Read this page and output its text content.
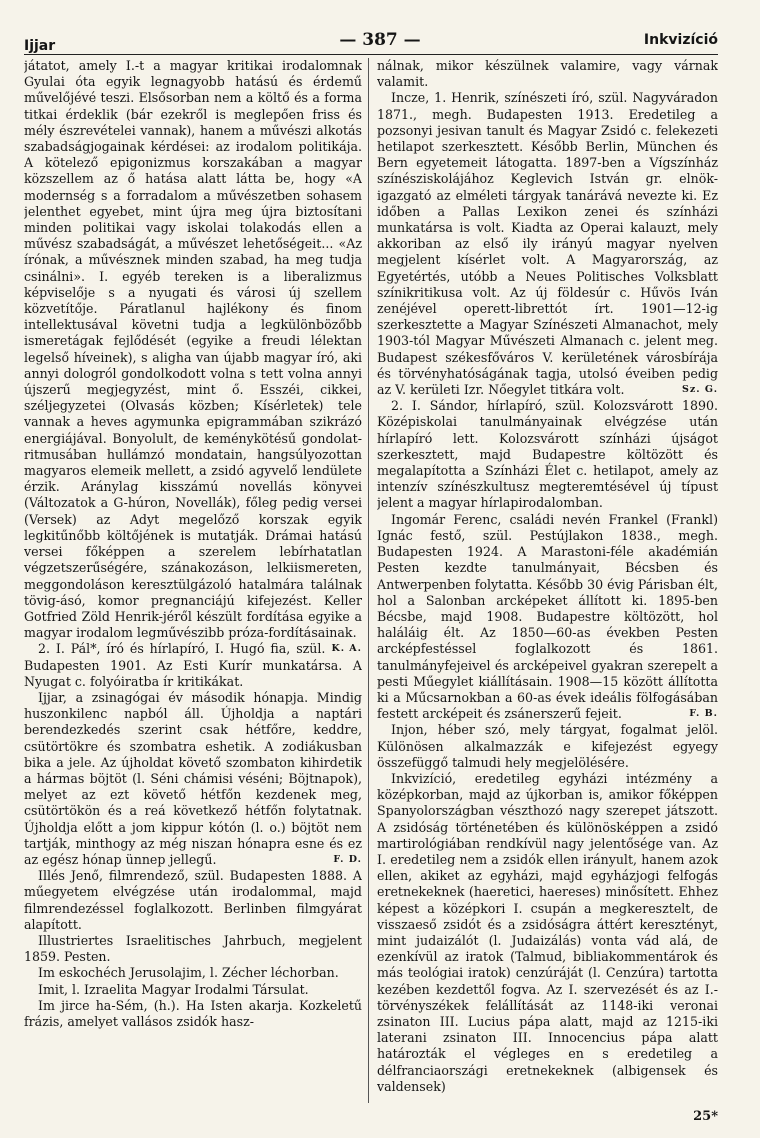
Ijjar	— 387 —	Inkvizíció

játatot, amely I.-t a magyar kritikai irodalomnak Gyulai óta egyik legnagyobb hatású és érdemű művelőjévé teszi. Elsősorban nem a költő és a forma titkai érdeklik (bár ezekről is meglepően friss és mély észrevételei vannak), hanem a művészi alkotás szabadságjogainak kérdései: az irodalom politikája. A kötelező epigonizmus korszakában a magyar közszellem az ő hatása alatt látta be, hogy «A modernség s a forradalom a művészetben sohasem jelenthet egyebet, mint újra meg újra biztosítani minden politikai vagy iskolai tolakodás ellen a művész szabadságát, a művészet lehetőségeit... «Az írónak, a művésznek minden szabad, ha meg tudja csinálni». I. egyéb tereken is a liberalizmus képviselője s a nyugati és városi új szellem közvetítője. Páratlanul hajlékony és finom intellektusával követni tudja a legkülönbözőbb ismeretágak fejlődését (egyike a freudi lélektan legelső híveinek), s aligha van újabb magyar író, aki annyi dologról gondolkodott volna s tett volna annyi újszerű megjegyzést, mint ő. Esszéi, cikkei, széljegyzetei (Olvasás közben; Kísérletek) tele vannak a heves agymunka epigrammában szikrázó energiájával. Bonyolult, de keménykötésű gondolat-ritmusában hullámzó mondatain, hangsúlyozottan magyaros elemeik mellett, a zsidó agyvelő lendülete érzik. Aránylag kisszámú novellás könyvei (Változatok a G-húron, Novellák), főleg pedig versei (Versek) az Adyt megelőző korszak egyik legkitűnőbb költőjének is mutatják. Drámai hatású versei főképpen a szerelem lebírhatatlan végzetszerűségére, szánakozáson, lelkiismereten, meggondoláson keresztülgázoló hatalmára találnak tövig-ásó, komor pregnanciájú kifejezést. Keller Gotfried Zöld Henrik-jéről készült fordítása egyike a magyar irodalom legművészibb próza-fordításainak.
K. A.

2. I. Pál*, író és hírlapíró, I. Hugó fia, szül. Budapesten 1901. Az Esti Kurír munkatársa. A Nyugat c. folyóiratba ír kritikákat.

Ijjar, a zsinagógai év második hónapja. Mindig huszonkilenc napból áll. Újholdja a naptári berendezkedés szerint csak hétfőre, keddre, csütörtökre és szombatra eshetik. A zodiákusban bika a jele. Az újholdat követő szombaton kihirdetik a hármas böjtöt (l. Séni chámisi véséni; Böjtnapok), melyet az ezt követő hétfőn kezdenek meg, csütörtökön és a reá következő hétfőn folytatnak. Újholdja előtt a jom kippur kótón (l. o.) böjtöt nem tartják, minthogy az még niszan hónapra esne és ez az egész hónap ünnep jellegű.	F. D.

Illés Jenő, filmrendező, szül. Budapesten 1888. A műegyetem elvégzése után irodalommal, majd filmrendezéssel foglalkozott. Berlinben filmgyárat alapított.

Illustriertes Israelitisches Jahrbuch, megjelent 1859. Pesten.

Im eskochéch Jerusolajim, l. Zécher léchorban.

Imit, l. Izraelita Magyar Irodalmi Társulat.

Im jirce ha-Sém, (h.). Ha Isten akarja. Kozkeletű frázis, amelyet vallásos zsidók hasz-

nálnak, mikor készülnek valamire, vagy várnak valamit.

Incze, 1. Henrik, színészeti író, szül. Nagyváradon 1871., megh. Budapesten 1913. Eredetileg a pozsonyi jesivan tanult és Magyar Zsidó c. felekezeti hetilapot szerkesztett. Később Berlin, München és Bern egyetemeit látogatta. 1897-ben a Vígszínház színésziskolájához Keglevich István gr. elnök-igazgató az elméleti tárgyak tanárává nevezte ki. Ez időben a Pallas Lexikon zenei és színházi munkatársa is volt. Kiadta az Operai kalauzt, mely akkoriban az első ily irányú magyar nyelven megjelent kísérlet volt. A Magyarország, az Egyetértés, utóbb a Neues Politisches Volksblatt színikritikusa volt. Az új földesúr c. Hűvös Iván zenéjével operett-librettót írt. 1901—12-ig szerkesztette a Magyar Színészeti Almanachot, mely 1903-tól Magyar Művészeti Almanach c. jelent meg. Budapest székesfőváros V. kerületének városbírája és törvényhatóságának tagja, utolsó éveiben pedig az V. kerületi Izr. Nőegylet titkára volt.	Sz. G.

2. I. Sándor, hírlapíró, szül. Kolozsvárott 1890. Középiskolai tanulmányainak elvégzése után hírlapíró lett. Kolozsvárott színházi újságot szerkesztett, majd Budapestre költözött és megalapította a Színházi Élet c. hetilapot, amely az intenzív színészkultusz megteremtésével új típust jelent a magyar hírlapirodalomban.

Ingomár Ferenc, családi nevén Frankel (Frankl) Ignác festő, szül. Pestújlakon 1838., megh. Budapesten 1924. A Marastoni-féle akadémián Pesten kezdte tanulmányait, Bécsben és Antwerpenben folytatta. Később 30 évig Párisban élt, hol a Salonban arcképeket állított ki. 1895-ben Bécsbe, majd 1908. Budapestre költözött, hol haláláig élt. Az 1850—60-as években Pesten arcképfestéssel foglalkozott és 1861. tanulmányfejeivel és arcképeivel gyakran szerepelt a pesti Műegylet kiállításain. 1908—15 között állította ki a Műcsarnokban a 60-as évek ideális fölfogásában festett arcképeit és zsánerszerű fejeit.	F. B.

Injon, héber szó, mely tárgyat, fogalmat jelöl. Különösen alkalmazzák e kifejezést egyegy összefüggő talmudi hely megjelölésére.

Inkvizíció, eredetileg egyházi intézmény a középkorban, majd az újkorban is, amikor főképpen Spanyolországban vészthozó nagy szerepet játszott. A zsidóság történetében és különösképpen a zsidó martirológiában rendkívül nagy jelentősége van. Az I. eredetileg nem a zsidók ellen irányult, hanem azok ellen, akiket az egyházi, majd egyházjogi felfogás eretnekeknek (haeretici, haereses) minősített. Ehhez képest a középkori I. csupán a megkeresztelt, de visszaeső zsidót és a zsidóságra áttért keresztényt, mint judaizálót (l. Judaizálás) vonta vád alá, de ezenkívül az iratok (Talmud, bibliakommentárok és más teológiai iratok) cenzúráját (l. Cenzúra) tartotta kezében kezdettől fogva. Az I. szervezését és az I.-törvényszékek felállítását az 1148-iki veronai zsinaton III. Lucius pápa alatt, majd az 1215-iki laterani zsinaton III. Innocencius pápa alatt határozták el végleges en s eredetileg a délfranciaországi eretnekeknek (albigensek és valdensek)

25*
